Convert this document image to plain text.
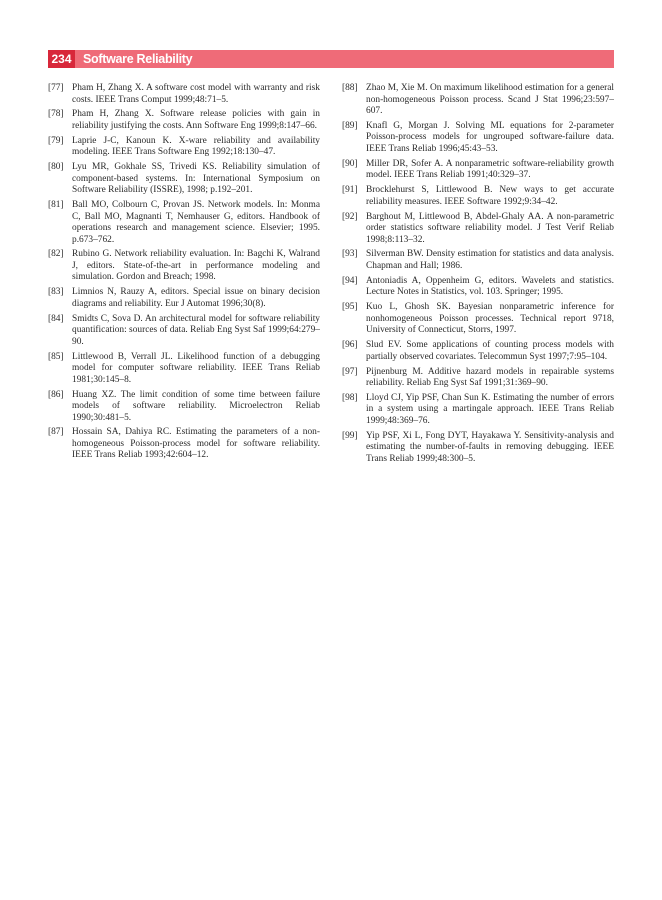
234 Software Reliability
[77] Pham H, Zhang X. A software cost model with warranty and risk costs. IEEE Trans Comput 1999;48:71–5.
[78] Pham H, Zhang X. Software release policies with gain in reliability justifying the costs. Ann Software Eng 1999;8:147–66.
[79] Laprie J-C, Kanoun K. X-ware reliability and availability modeling. IEEE Trans Software Eng 1992;18:130–47.
[80] Lyu MR, Gokhale SS, Trivedi KS. Reliability simulation of component-based systems. In: International Symposium on Software Reliability (ISSRE), 1998; p.192–201.
[81] Ball MO, Colbourn C, Provan JS. Network models. In: Monma C, Ball MO, Magnanti T, Nemhauser G, editors. Handbook of operations research and management science. Elsevier; 1995. p.673–762.
[82] Rubino G. Network reliability evaluation. In: Bagchi K, Walrand J, editors. State-of-the-art in performance modeling and simulation. Gordon and Breach; 1998.
[83] Limnios N, Rauzy A, editors. Special issue on binary decision diagrams and reliability. Eur J Automat 1996;30(8).
[84] Smidts C, Sova D. An architectural model for software reliability quantification: sources of data. Reliab Eng Syst Saf 1999;64:279–90.
[85] Littlewood B, Verrall JL. Likelihood function of a debugging model for computer software reliability. IEEE Trans Reliab 1981;30:145–8.
[86] Huang XZ. The limit condition of some time between failure models of software reliability. Microelectron Reliab 1990;30:481–5.
[87] Hossain SA, Dahiya RC. Estimating the parameters of a non-homogeneous Poisson-process model for software reliability. IEEE Trans Reliab 1993;42:604–12.
[88] Zhao M, Xie M. On maximum likelihood estimation for a general non-homogeneous Poisson process. Scand J Stat 1996;23:597–607.
[89] Knafl G, Morgan J. Solving ML equations for 2-parameter Poisson-process models for ungrouped software-failure data. IEEE Trans Reliab 1996;45:43–53.
[90] Miller DR, Sofer A. A nonparametric software-reliability growth model. IEEE Trans Reliab 1991;40:329–37.
[91] Brocklehurst S, Littlewood B. New ways to get accurate reliability measures. IEEE Software 1992;9:34–42.
[92] Barghout M, Littlewood B, Abdel-Ghaly AA. A non-parametric order statistics software reliability model. J Test Verif Reliab 1998;8:113–32.
[93] Silverman BW. Density estimation for statistics and data analysis. Chapman and Hall; 1986.
[94] Antoniadis A, Oppenheim G, editors. Wavelets and statistics. Lecture Notes in Statistics, vol. 103. Springer; 1995.
[95] Kuo L, Ghosh SK. Bayesian nonparametric inference for nonhomogeneous Poisson processes. Technical report 9718, University of Connecticut, Storrs, 1997.
[96] Slud EV. Some applications of counting process models with partially observed covariates. Telecommun Syst 1997;7:95–104.
[97] Pijnenburg M. Additive hazard models in repairable systems reliability. Reliab Eng Syst Saf 1991;31:369–90.
[98] Lloyd CJ, Yip PSF, Chan Sun K. Estimating the number of errors in a system using a martingale approach. IEEE Trans Reliab 1999;48:369–76.
[99] Yip PSF, Xi L, Fong DYT, Hayakawa Y. Sensitivity-analysis and estimating the number-of-faults in removing debugging. IEEE Trans Reliab 1999;48:300–5.
